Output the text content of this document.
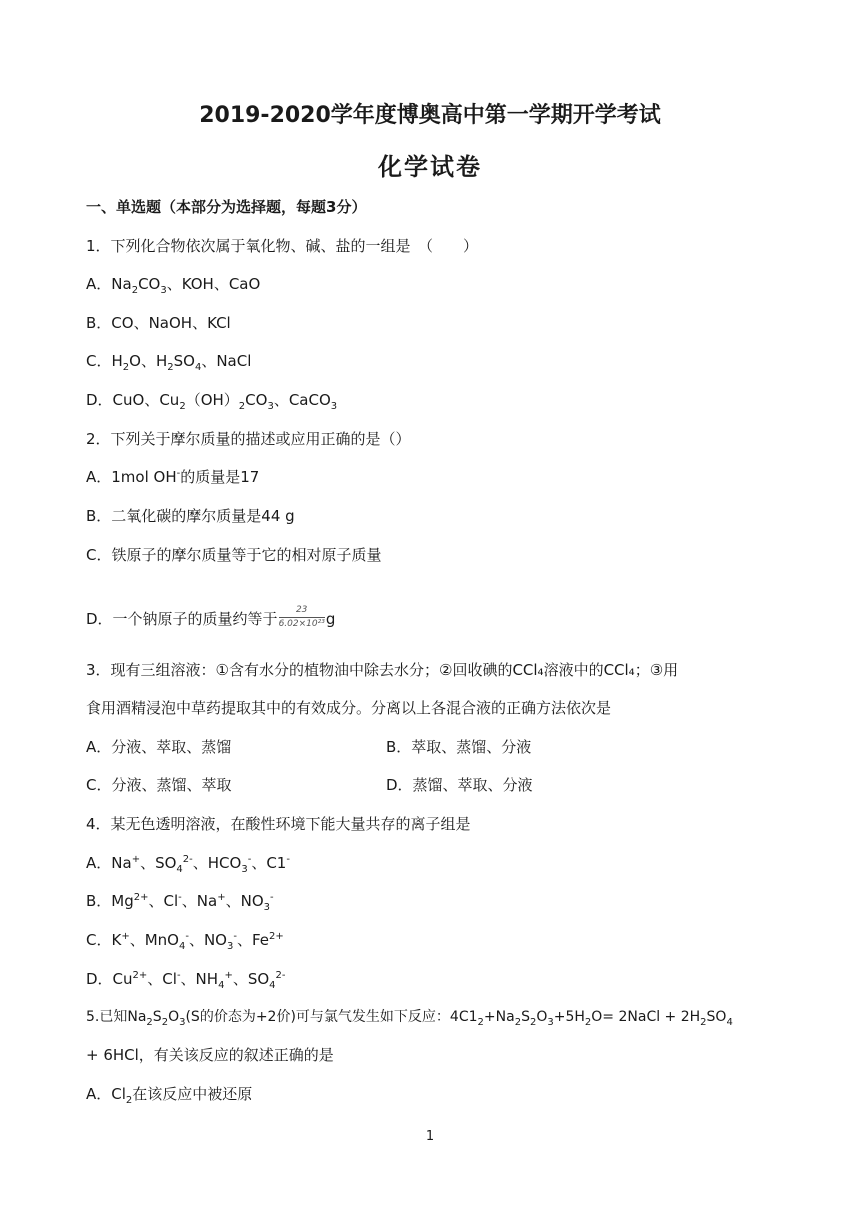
2019-2020学年度博奥高中第一学期开学考试
化学试卷
一、单选题（本部分为选择题，每题3分）
1．下列化合物依次属于氧化物、碱、盐的一组是　（　　）
A．$Na_2CO_3$、KOH、CaO
B．CO、NaOH、KCl
C．$H_2O$、$H_2SO_4$、NaCl
D．CuO、$Cu_2(OH)_2CO_3$、CaCO$_3$
2．下列关于摩尔质量的描述或应用正确的是（）
A．1mol OH-的质量是17
B．二氧化碳的摩尔质量是44 g
C．铁原子的摩尔质量等于它的相对原子质量
D．一个钠原子的质量约等于 $\frac{23}{\text{6.02×10²³}}$ g
3．现有三组溶液：①含有水分的植物油中除去水分；②回收碘的CCl₄溶液中的CCl₄；③用
食用酒精浸泡中草药提取其中的有效成分。分离以上各混合液的正确方法依次是
A．分液、萃取、蒸馏	B．萃取、蒸馏、分液
C．分液、蒸馏、萃取	D．蒸馏、萃取、分液
4．某无色透明溶液，在酸性环境下能大量共存的离子组是
A．Na+、$SO_4^{2-}$、$HCO_3^-$、C1-
B．$Mg^{2+}$、Cl-、Na+、$NO_3^-$
C．K+、MnO$_4$-、$NO_3^-$、$Fe^{2+}$
D．$Cu^{2+}$、Cl-、$NH_4^+$、$SO_4^{2-}$
5.已知$Na_2S_2O_3(S$的价态为+2价)可与氯气发生如下反应：$4C1_2+Na_2S_2O_3+5H_2O=$ 2NaCl + $2H_2SO_4$
+ 6HCl，有关该反应的叙述正确的是
A．$Cl_2$在该反应中被还原
1
